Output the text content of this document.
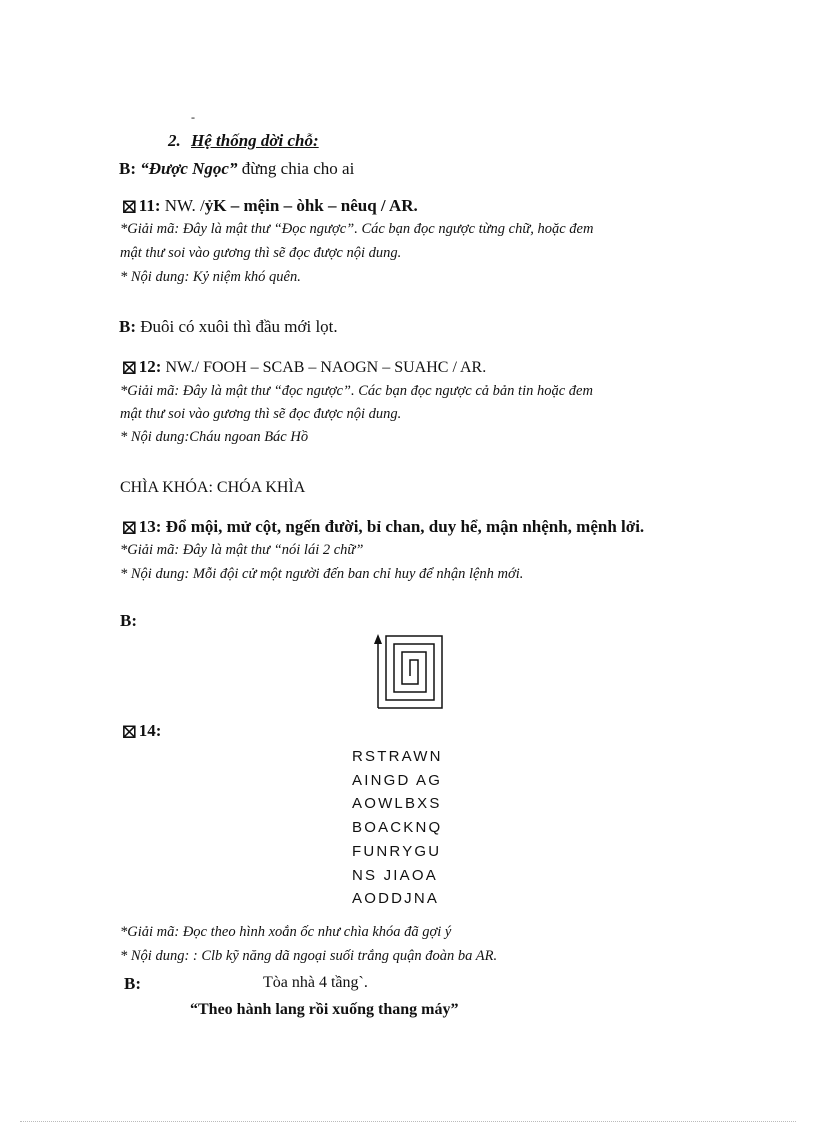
-
2. Hệ thống dời chỗ:
B: “Được Ngọc” đừng chia cho ai
⊠11: NW. /ỷK – mệin – òhk – nêuq / AR.
*Giải mã: Đây là mật thư “Đọc ngược”. Các bạn đọc ngược từng chữ, hoặc đem
mật thư soi vào gương thì sẽ đọc được nội dung.
* Nội dung: Kỷ niệm khó quên.
B: Đuôi có xuôi thì đầu mới lọt.
⊠12: NW./ FOOH – SCAB – NAOGN – SUAHC / AR.
*Giải mã: Đây là mật thư “đọc ngược”. Các bạn đọc ngược cả bản tin hoặc đem
mật thư soi vào gương thì sẽ đọc được nội dung.
* Nội dung:Cháu ngoan Bác Hồ
CHÌA KHÓA: CHÓA KHÌA
⊠13: Đổ mội, mử cột, ngến đười, bỉ chan, duy hể, mận nhệnh, mệnh lởi.
*Giải mã: Đây là mật thư “nói lái 2 chữ”
* Nội dung: Mỗi đội cử một người đến ban chỉ huy để nhận lệnh mới.
B:
⊠14:
RSTRAWN
AINGD AG
AOWLBXS
BOACKNQ
FUNRYGU
NS JIAOA
AODDJNA
*Giải mã: Đọc theo hình xoắn ốc như chìa khóa đã gợi ý
* Nội dung: : Clb kỹ năng dã ngoại suối trắng quận đoàn ba AR.
B:	Tòa nhà 4 tầng`.
“Theo hành lang rồi xuống thang máy”
